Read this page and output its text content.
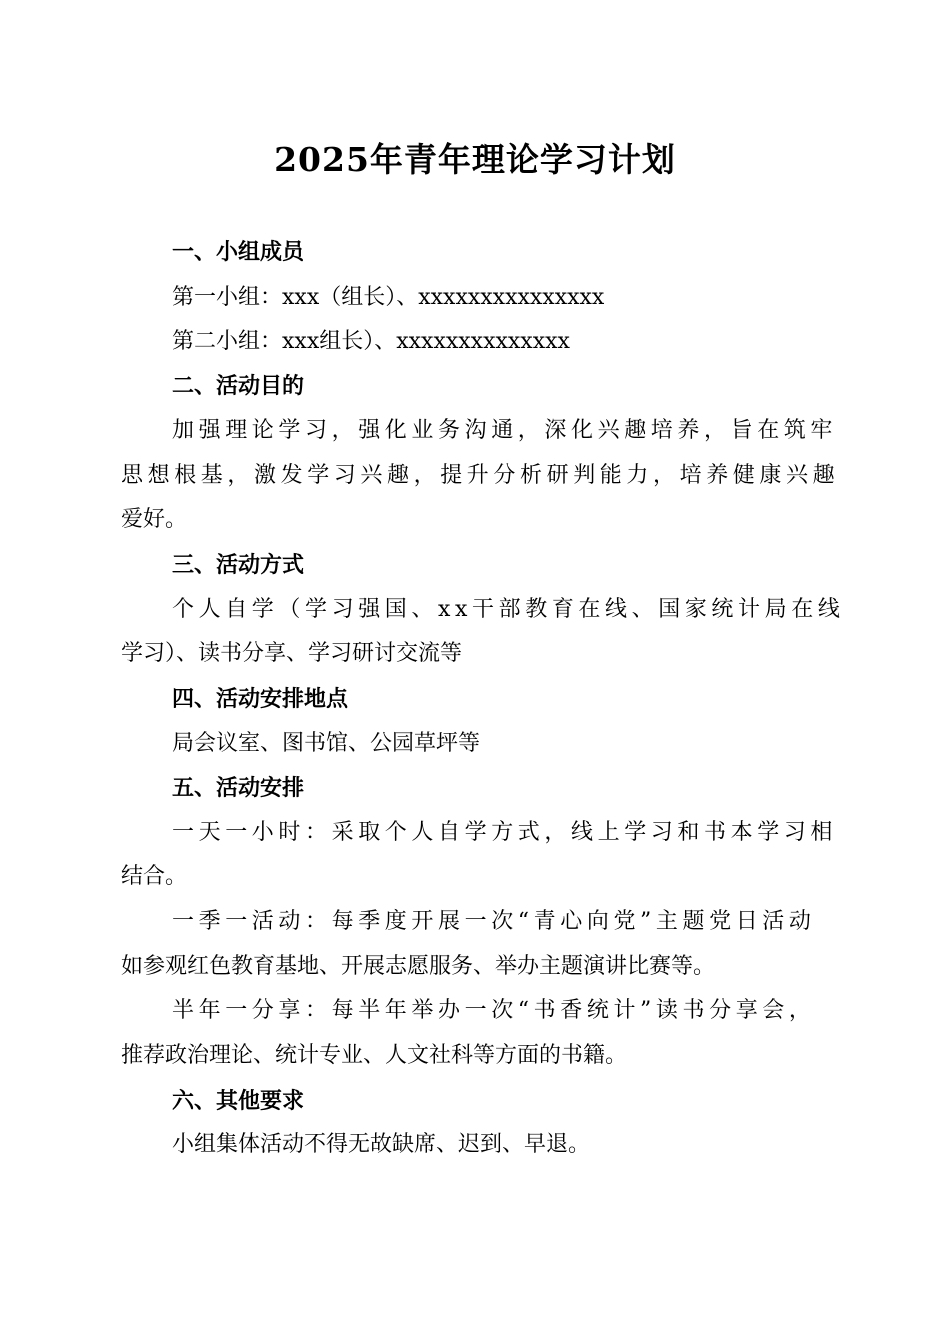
2025年青年理论学习计划
一、小组成员
第一小组：xxx（组长）、xxxxxxxxxxxxxxx
第二小组：xxx组长）、xxxxxxxxxxxxxx
二、活动目的
加强理论学习，强化业务沟通，深化兴趣培养，旨在筑牢
思想根基，激发学习兴趣，提升分析研判能力，培养健康兴趣
爱好。
三、活动方式
个人自学（学习强国、xx干部教育在线、国家统计局在线
学习）、读书分享、学习研讨交流等
四、活动安排地点
局会议室、图书馆、公园草坪等
五、活动安排
一天一小时：采取个人自学方式，线上学习和书本学习相
结合。
一季一活动：每季度开展一次“青心向党”主题党日活动
如参观红色教育基地、开展志愿服务、举办主题演讲比赛等。
半年一分享：每半年举办一次“书香统计”读书分享会，
推荐政治理论、统计专业、人文社科等方面的书籍。
六、其他要求
小组集体活动不得无故缺席、迟到、早退。
